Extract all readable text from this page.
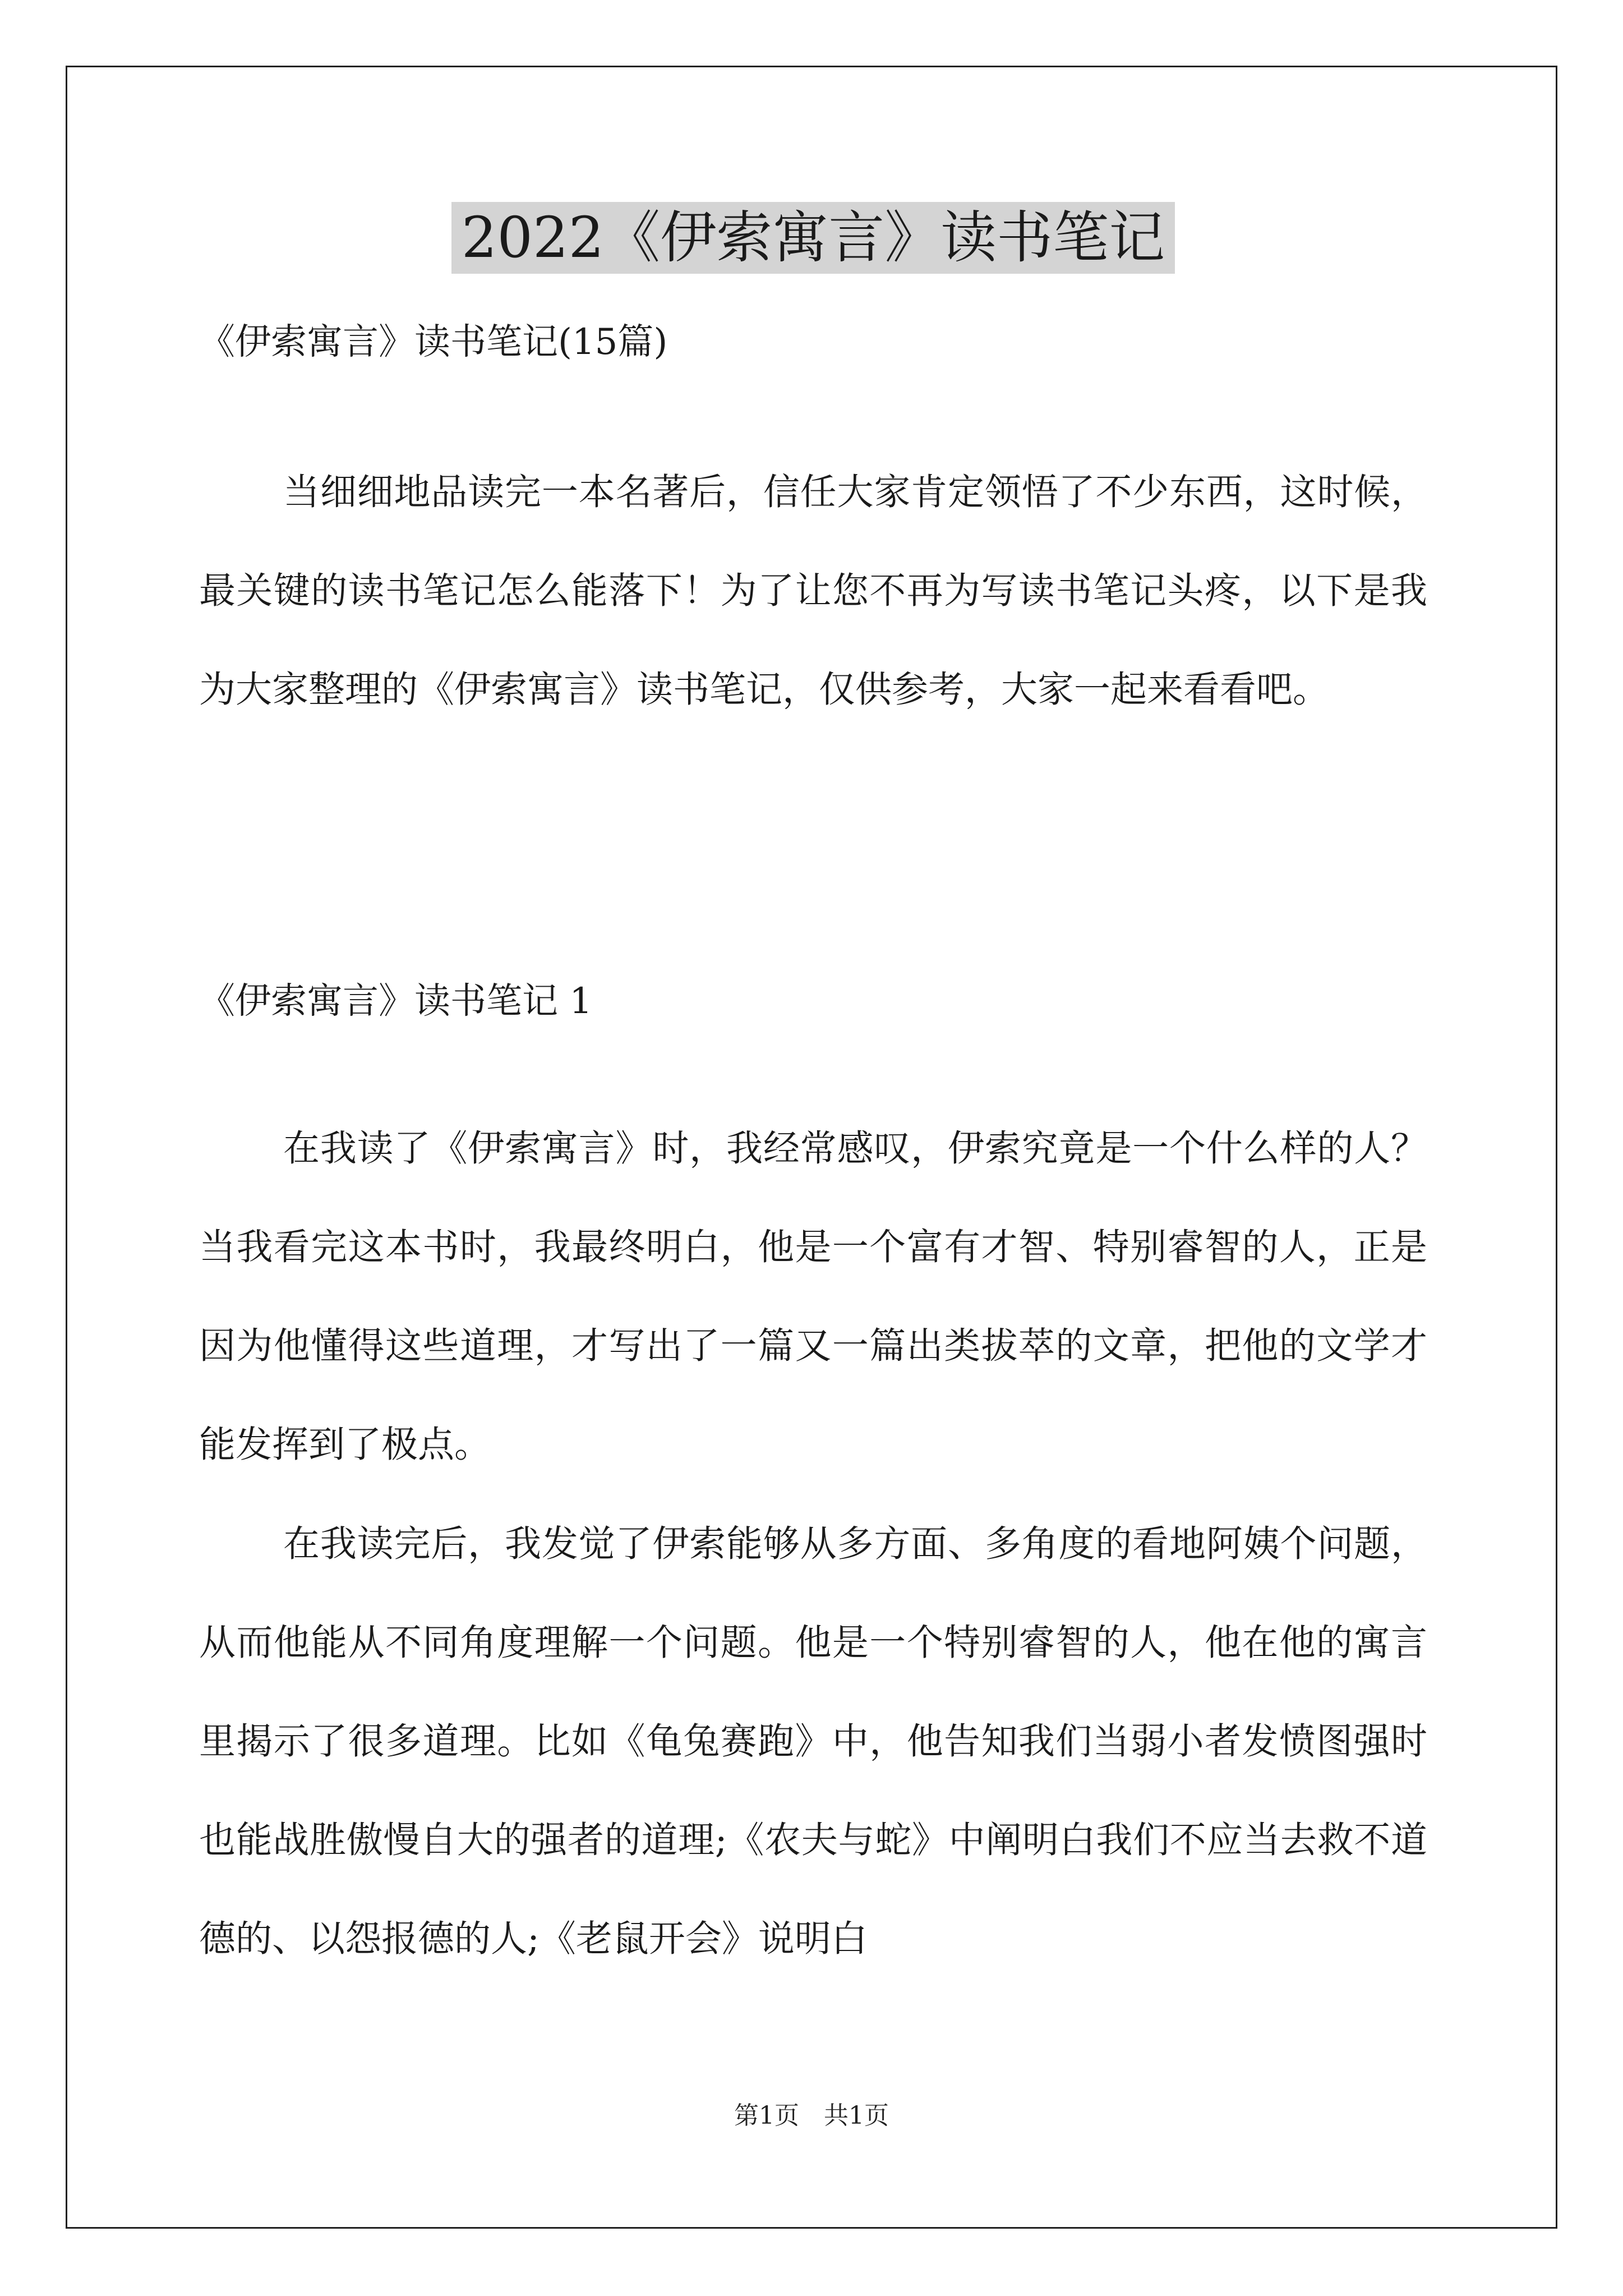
2022《伊索寓言》读书笔记
《伊索寓言》读书笔记(15篇)
当细细地品读完一本名著后，信任大家肯定领悟了不少东西，这时候，最关键的读书笔记怎么能落下！为了让您不再为写读书笔记头疼，以下是我为大家整理的《伊索寓言》读书笔记，仅供参考，大家一起来看看吧。
《伊索寓言》读书笔记 1
在我读了《伊索寓言》时，我经常感叹，伊索究竟是一个什么样的人？当我看完这本书时，我最终明白，他是一个富有才智、特别睿智的人，正是因为他懂得这些道理，才写出了一篇又一篇出类拔萃的文章，把他的文学才能发挥到了极点。
在我读完后，我发觉了伊索能够从多方面、多角度的看地阿姨个问题，从而他能从不同角度理解一个问题。他是一个特别睿智的人，他在他的寓言里揭示了很多道理。比如《龟兔赛跑》中，他告知我们当弱小者发愤图强时也能战胜傲慢自大的强者的道理;《农夫与蛇》中阐明白我们不应当去救不道德的、以怨报德的人;《老鼠开会》说明白
第1页　共1页
